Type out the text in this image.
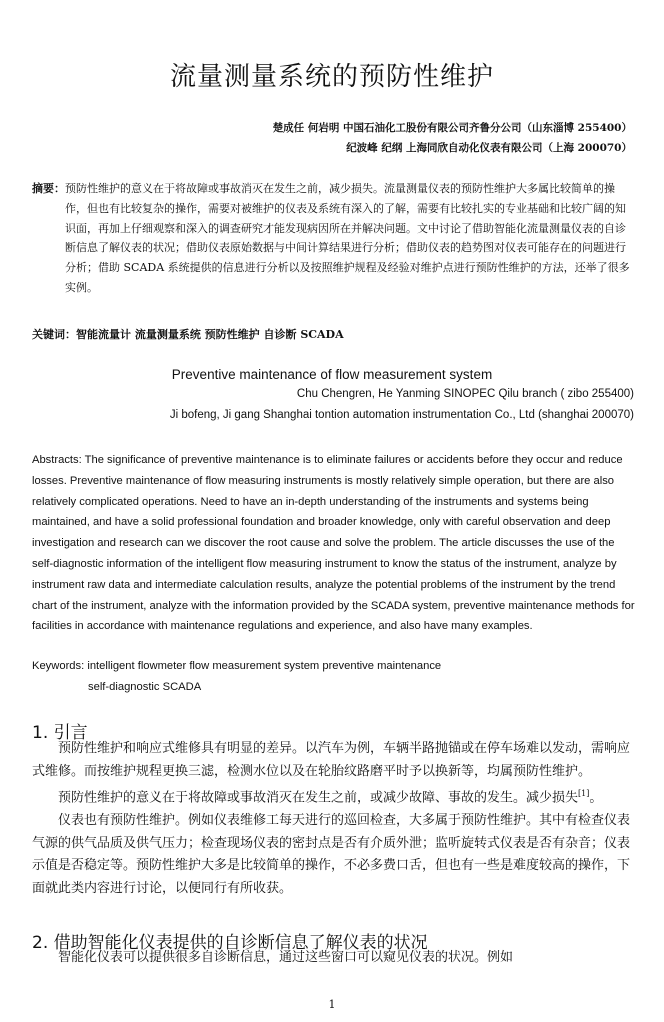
流量测量系统的预防性维护
楚成任 何岩明 中国石油化工股份有限公司齐鲁分公司（山东淄博 255400）
纪波峰 纪纲 上海同欣自动化仪表有限公司（上海 200070）
摘要： 预防性维护的意义在于将故障或事故消灭在发生之前，减少损失。流量测量仪表的预防性维护大多属比较简单的操作，但也有比较复杂的操作，需要对被维护的仪表及系统有深入的了解，需要有比较扎实的专业基础和比较广阔的知识面，再加上仔细观察和深入的调查研究才能发现病因所在并解决问题。文中讨论了借助智能化流量测量仪表的自诊断信息了解仪表的状况；借助仪表原始数据与中间计算结果进行分析；借助仪表的趋势图对仪表可能存在的问题进行分析；借助 SCADA 系统提供的信息进行分析以及按照维护规程及经验对维护点进行预防性维护的方法，还举了很多实例。
关键词：智能流量计 流量测量系统 预防性维护 自诊断 SCADA
Preventive maintenance of flow measurement system
Chu Chengren, He Yanming SINOPEC Qilu branch ( zibo 255400)
Ji bofeng, Ji gang Shanghai tontion automation instrumentation Co., Ltd (shanghai 200070)

Abstracts: The significance of preventive maintenance is to eliminate failures or accidents before they occur and reduce losses. Preventive maintenance of flow measuring instruments is mostly relatively simple operation, but there are also relatively complicated operations. Need to have an in-depth understanding of the instruments and systems being maintained, and have a solid professional foundation and broader knowledge, only with careful observation and deep investigation and research can we discover the root cause and solve the problem. The article discusses the use of the self-diagnostic information of the intelligent flow measuring instrument to know the status of the instrument, analyze by instrument raw data and intermediate calculation results, analyze the potential problems of the instrument by the trend chart of the instrument, analyze with the information provided by the SCADA system, preventive maintenance methods for facilities in accordance with maintenance regulations and experience, and also have many examples.

Keywords: intelligent flowmeter flow measurement system preventive maintenance
self-diagnostic SCADA
1. 引言

预防性维护和响应式维修具有明显的差异。以汽车为例，车辆半路抛锚或在停车场难以发动，需响应式维修。而按维护规程更换三滤，检测水位以及在轮胎纹路磨平时予以换新等，均属预防性维护。

预防性维护的意义在于将故障或事故消灭在发生之前，或减少故障、事故的发生。减少损失[1]。

仪表也有预防性维护。例如仪表维修工每天进行的巡回检查，大多属于预防性维护。其中有检查仪表气源的供气品质及供气压力；检查现场仪表的密封点是否有介质外泄；监听旋转式仪表是否有杂音；仪表示值是否稳定等。预防性维护大多是比较简单的操作，不必多费口舌，但也有一些是难度较高的操作，下面就此类内容进行讨论，以便同行有所收获。

2. 借助智能化仪表提供的自诊断信息了解仪表的状况

智能化仪表可以提供很多自诊断信息，通过这些窗口可以窥见仪表的状况。例如

1
